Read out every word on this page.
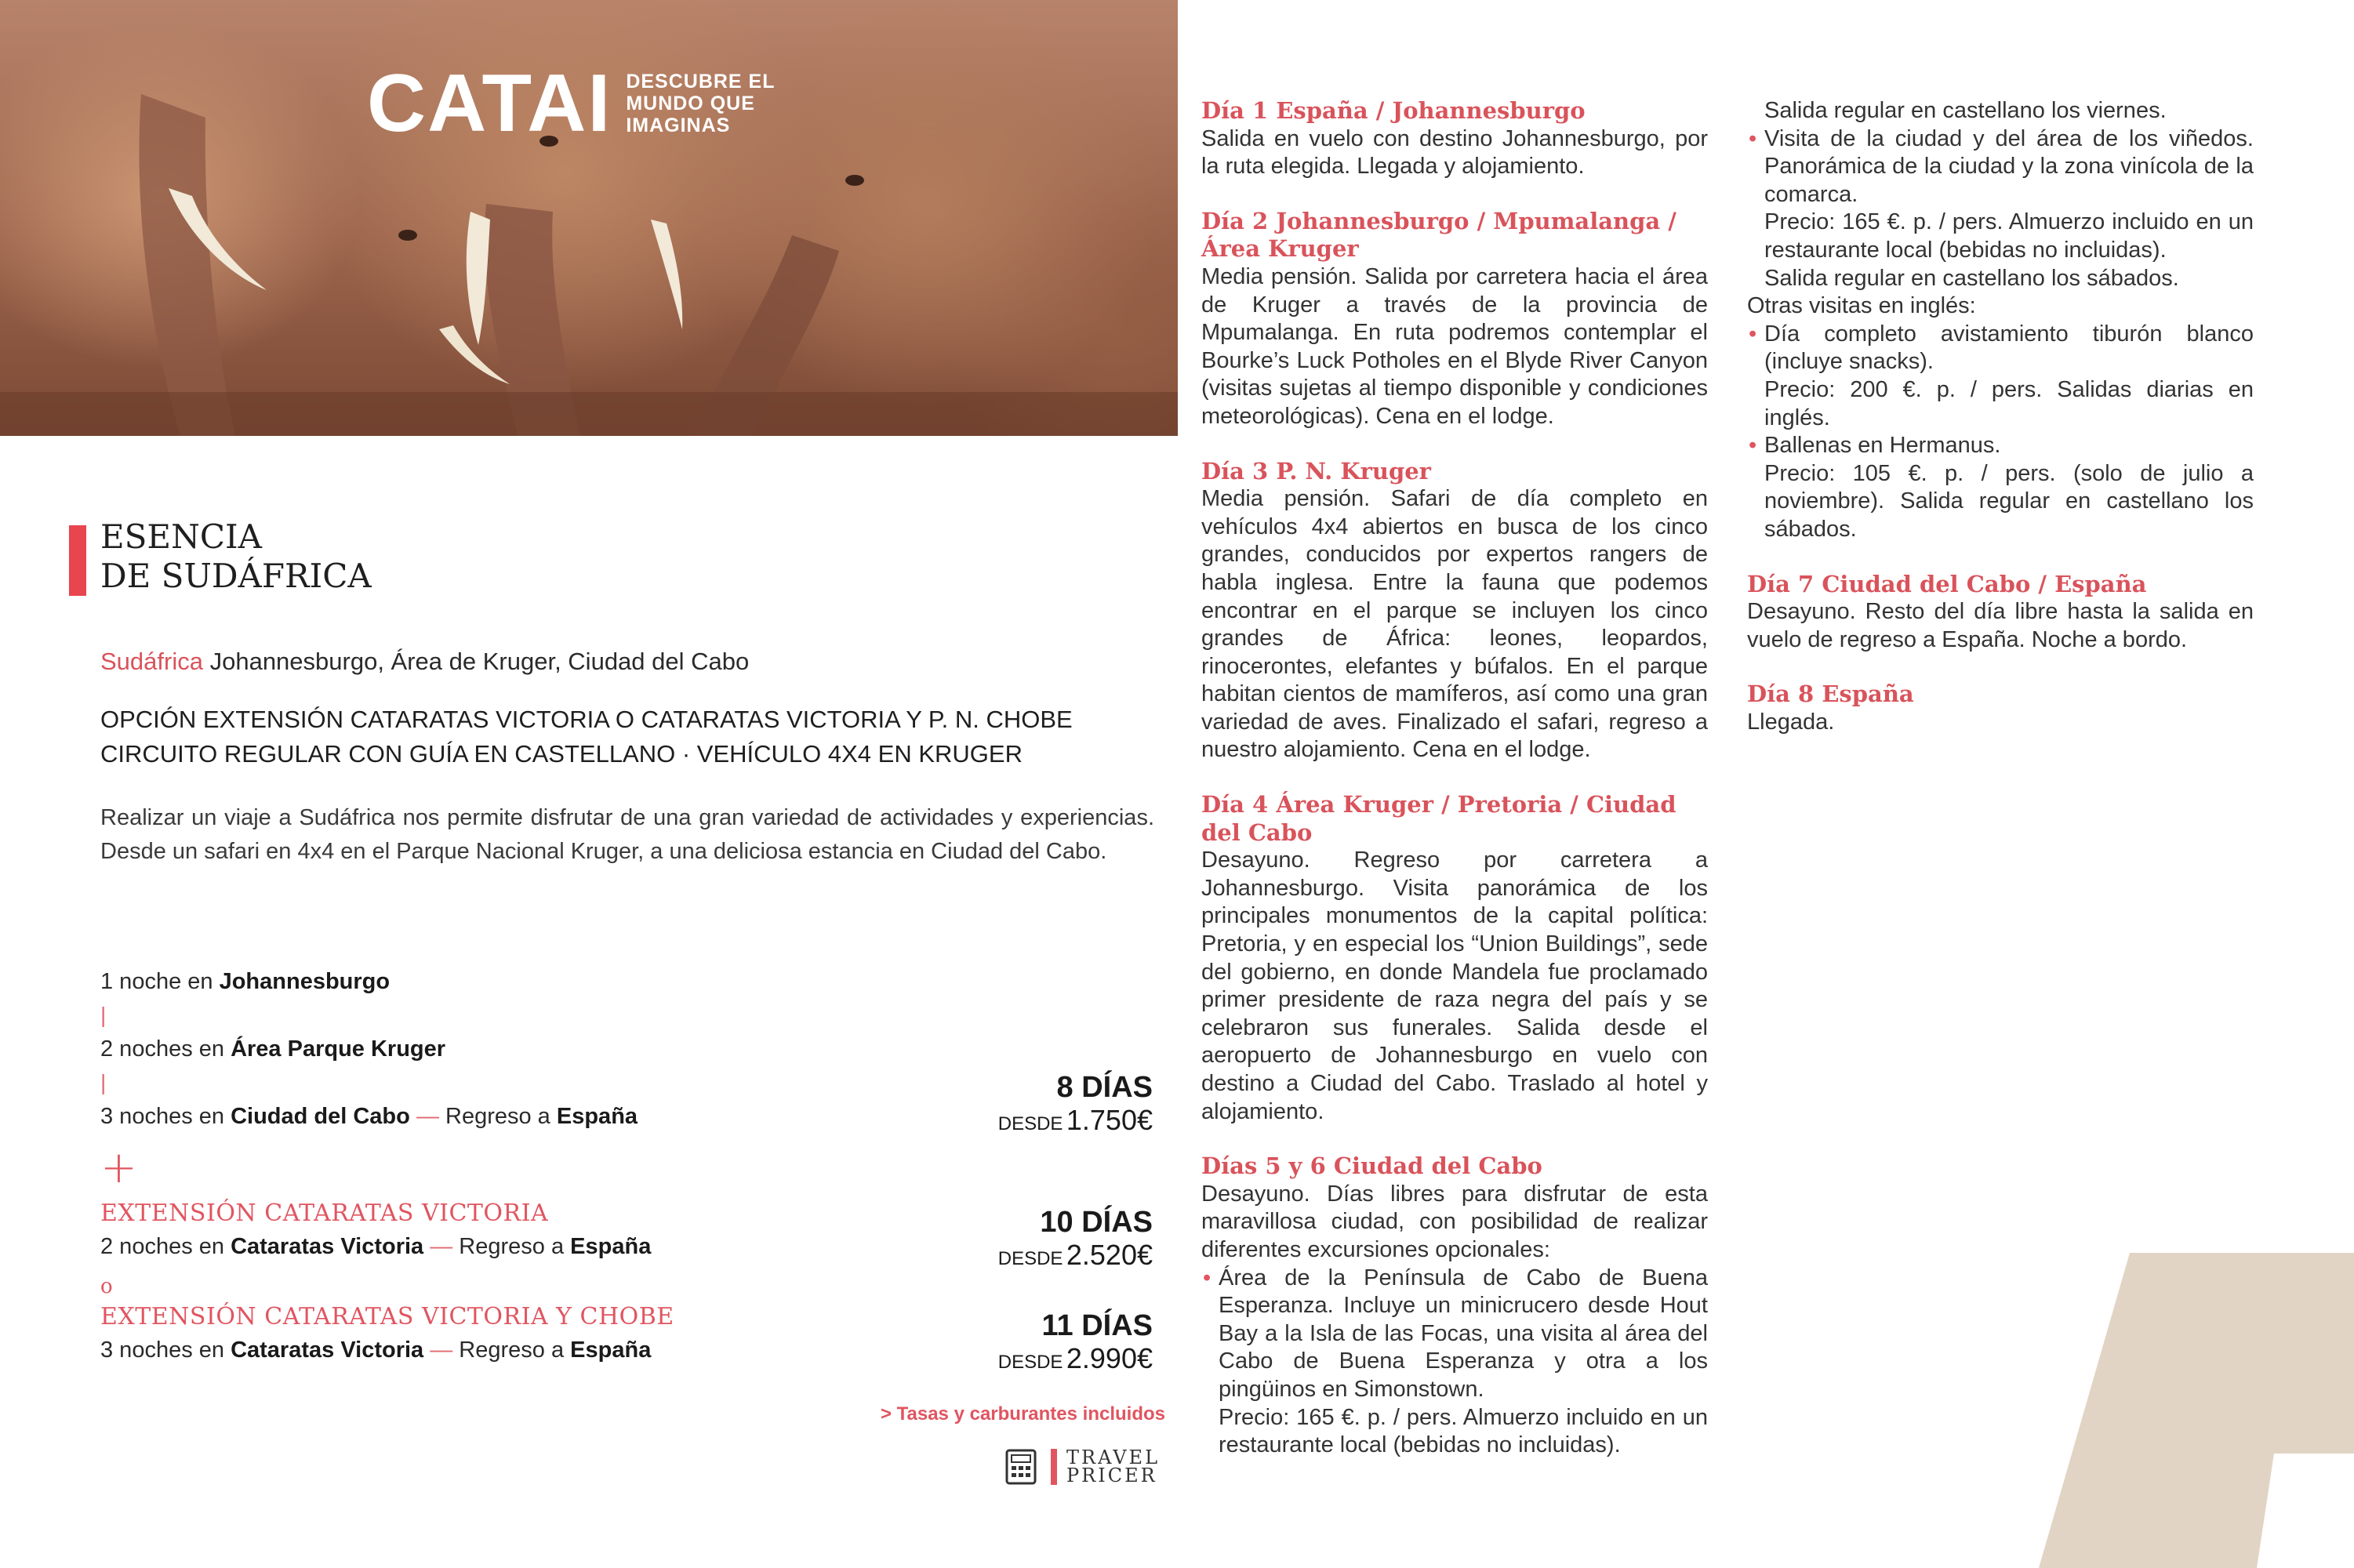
CATAI DESCUBRE EL MUNDO QUE IMAGINAS
ESENCIA
DE SUDÁFRICA
Sudáfrica Johannesburgo, Área de Kruger, Ciudad del Cabo
OPCIÓN EXTENSIÓN CATARATAS VICTORIA O CATARATAS VICTORIA Y P. N. CHOBE
CIRCUITO REGULAR CON GUÍA EN CASTELLANO · VEHÍCULO 4X4 EN KRUGER
Realizar un viaje a Sudáfrica nos permite disfrutar de una gran variedad de actividades y experiencias. Desde un safari en 4x4 en el Parque Nacional Kruger, a una deliciosa estancia en Ciudad del Cabo.
1 noche en Johannesburgo
|
2 noches en Área Parque Kruger
|
3 noches en Ciudad del Cabo — Regreso a España
+
EXTENSIÓN CATARATAS VICTORIA
2 noches en Cataratas Victoria — Regreso a España
o
EXTENSIÓN CATARATAS VICTORIA Y CHOBE
3 noches en Cataratas Victoria — Regreso a España
8 DÍAS
DESDE 1.750€
10 DÍAS
DESDE 2.520€
11 DÍAS
DESDE 2.990€
> Tasas y carburantes incluidos
TRAVEL
PRICER
Día 1 España / Johannesburgo

Salida en vuelo con destino Johannesburgo, por la ruta elegida. Llegada y alojamiento.

Día 2 Johannesburgo / Mpumalanga / Área Kruger

Media pensión. Salida por carretera hacia el área de Kruger a través de la provincia de Mpumalanga. En ruta podremos contemplar el Bourke’s Luck Potholes en el Blyde River Canyon (visitas sujetas al tiempo disponible y condiciones meteorológicas). Cena en el lodge.

Día 3 P. N. Kruger

Media pensión. Safari de día completo en vehículos 4x4 abiertos en busca de los cinco grandes, conducidos por expertos rangers de habla inglesa. Entre la fauna que podemos encontrar en el parque se incluyen los cinco grandes de África: leones, leopardos, rinocerontes, elefantes y búfalos. En el parque habitan cientos de mamíferos, así como una gran variedad de aves. Finalizado el safari, regreso a nuestro alojamiento. Cena en el lodge.

Día 4 Área Kruger / Pretoria / Ciudad del Cabo

Desayuno. Regreso por carretera a Johannesburgo. Visita panorámica de los principales monumentos de la capital política: Pretoria, y en especial los “Union Buildings”, sede del gobierno, en donde Mandela fue proclamado primer presidente de raza negra del país y se celebraron sus funerales. Salida desde el aeropuerto de Johannesburgo en vuelo con destino a Ciudad del Cabo. Traslado al hotel y alojamiento.

Días 5 y 6 Ciudad del Cabo

Desayuno. Días libres para disfrutar de esta maravillosa ciudad, con posibilidad de realizar diferentes excursiones opcionales:

• Área de la Península de Cabo de Buena Esperanza. Incluye un minicrucero desde Hout Bay a la Isla de las Focas, una visita al área del Cabo de Buena Esperanza y otra a los pingüinos en Simonstown.
Precio: 165 €. p. / pers. Almuerzo incluido en un restaurante local (bebidas no incluidas).
Salida regular en castellano los viernes.
• Visita de la ciudad y del área de los viñedos. Panorámica de la ciudad y la zona vinícola de la comarca.
Precio: 165 €. p. / pers. Almuerzo incluido en un restaurante local (bebidas no incluidas).
Salida regular en castellano los sábados.
Otras visitas en inglés:
• Día completo avistamiento tiburón blanco (incluye snacks).
Precio: 200 €. p. / pers. Salidas diarias en inglés.
• Ballenas en Hermanus.

Precio: 105 €. p. / pers. (solo de julio a noviembre). Salida regular en castellano los sábados.

Día 7 Ciudad del Cabo / España

Desayuno. Resto del día libre hasta la salida en vuelo de regreso a España. Noche a bordo.

Día 8 España

Llegada.
